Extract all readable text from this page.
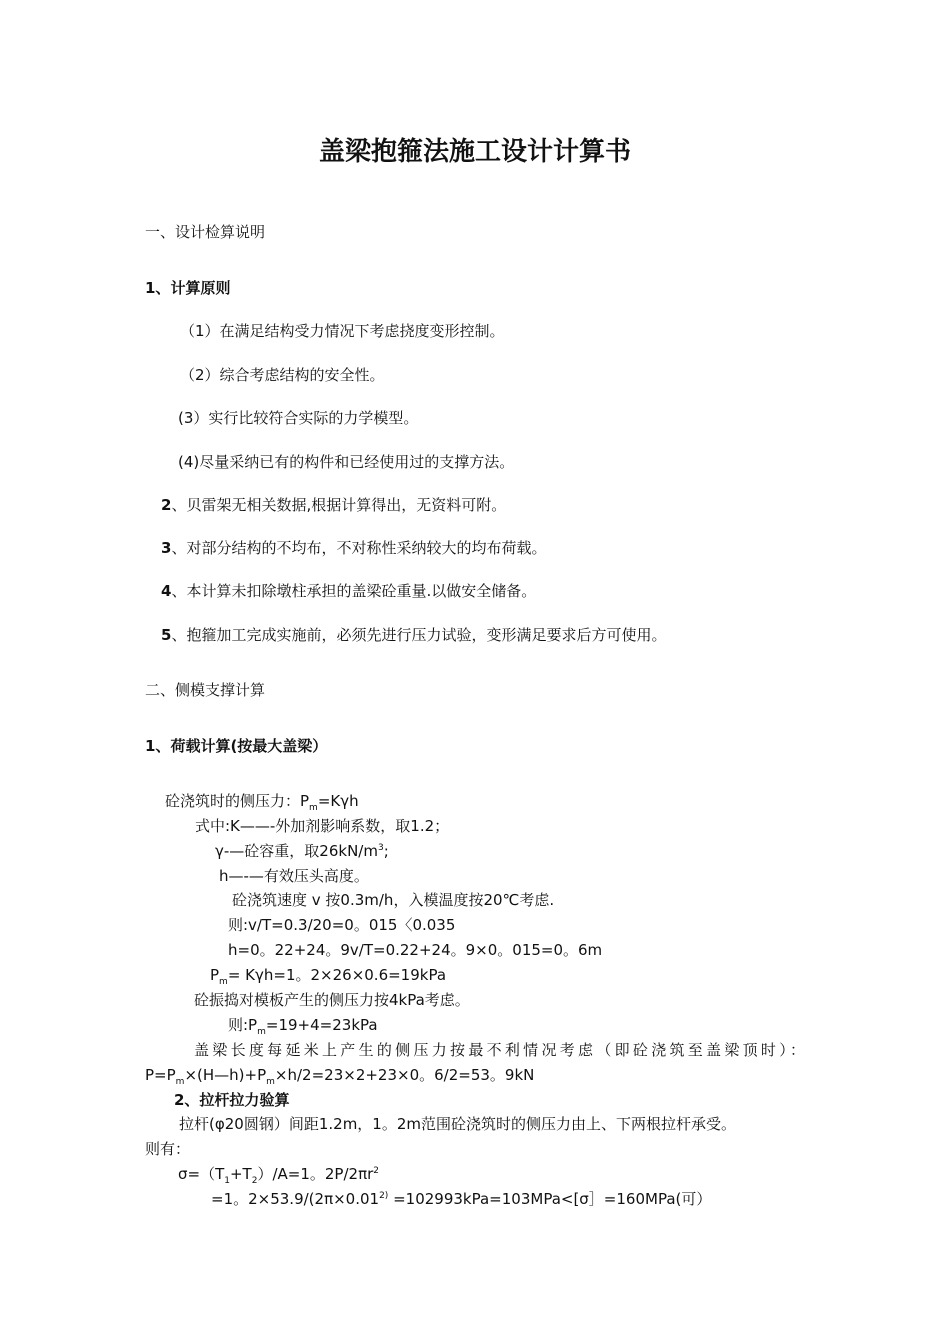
盖梁抱箍法施工设计计算书
一、设计检算说明
1、计算原则
（1）在满足结构受力情况下考虑挠度变形控制。
（2）综合考虑结构的安全性。
(3）实行比较符合实际的力学模型。
(4)尽量采纳已有的构件和已经使用过的支撑方法。
2、贝雷架无相关数据,根据计算得出，无资料可附。
3、对部分结构的不均布，不对称性采纳较大的均布荷载。
4、本计算未扣除墩柱承担的盖梁砼重量.以做安全储备。
5、抱箍加工完成实施前，必须先进行压力试验，变形满足要求后方可使用。
二、侧模支撑计算
1、荷载计算(按最大盖梁）
砼浇筑时的侧压力：$P_m=K\gamma h$
式中:K——-外加剂影响系数，取1.2；
γ-—砼容重，取$26kN/m^3$;
h—-—有效压头高度。
砼浇筑速度 v 按0.3m/h，入模温度按20℃考虑.
则:v/T=0.3/20=0。015〈0.035
h=0。22+24。9v/T=0.22+24。9×0。015=0。6m
$P_m= K\gamma h=1$。2×26×0.6=19kPa
砼振捣对模板产生的侧压力按4kPa考虑。
则$:P_m=19+4=23kPa$
盖梁长度每延米上产生的侧压力按最不利情况考虑（即砼浇筑至盖梁顶时）：
$P=P_m\times(H—h)+P_m\times h/2=23\times 2+23\times 0$。6/2=53。9kN
2、拉杆拉力验算
拉杆(φ20圆钢）间距1.2m，1。2m范围砼浇筑时的侧压力由上、下两根拉杆承受。
则有：
$\sigma=(T_1+T_2)/A=1$。$2P/2\pi r^2$
=1。$2\times 53.9/(2\pi\times 0.01^{2)}$ =102993kPa=103MPa<[σ］=160MPa(可）
